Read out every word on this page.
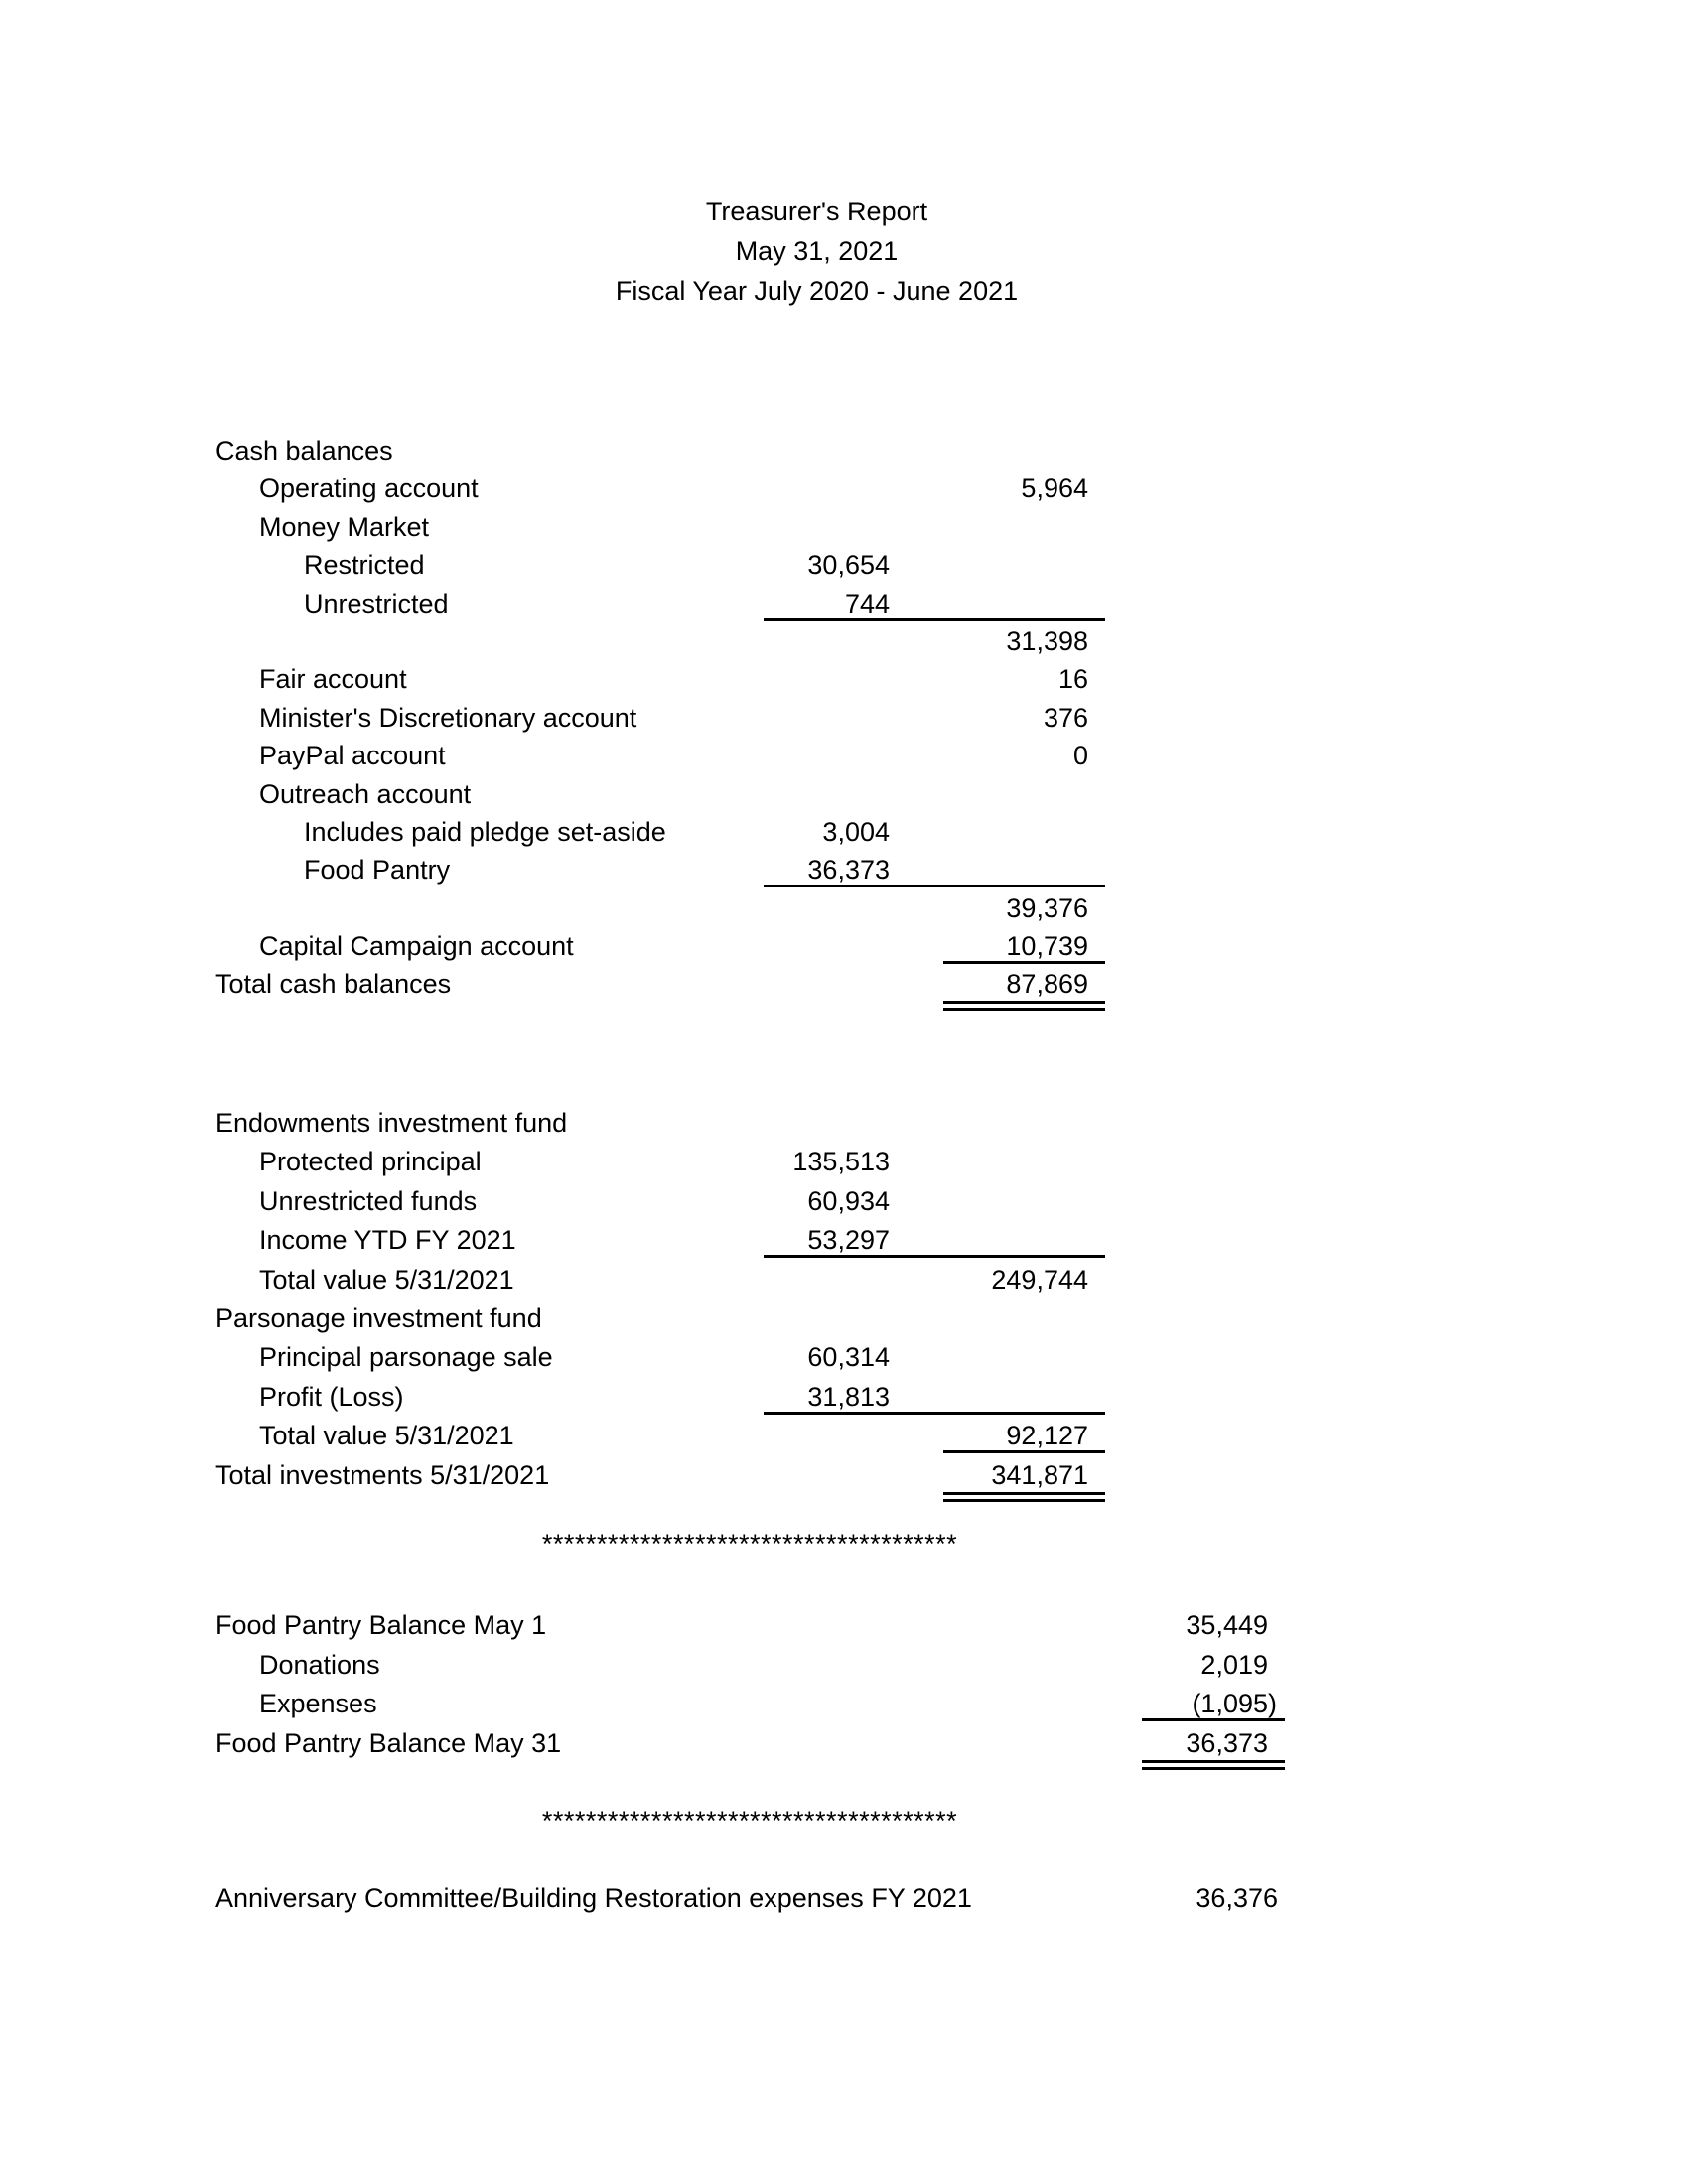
Treasurer's Report
May 31, 2021
Fiscal Year July 2020 - June 2021
Cash balances
Operating account	5,964
Money Market
Restricted	30,654
Unrestricted	744
31,398
Fair account	16
Minister's Discretionary account	376
PayPal account	0
Outreach account
Includes paid pledge set-aside	3,004
Food Pantry	36,373
39,376
Capital Campaign account	10,739
Total cash balances	87,869
Endowments investment fund
Protected principal	135,513
Unrestricted funds	60,934
Income YTD FY 2021	53,297
Total value 5/31/2021	249,744
Parsonage investment fund
Principal parsonage sale	60,314
Profit (Loss)	31,813
Total value 5/31/2021	92,127
Total investments 5/31/2021	341,871
**************************************
Food Pantry Balance May 1	35,449
Donations	2,019
Expenses	(1,095)
Food Pantry Balance May 31	36,373
**************************************
Anniversary Committee/Building Restoration expenses FY 2021	36,376
